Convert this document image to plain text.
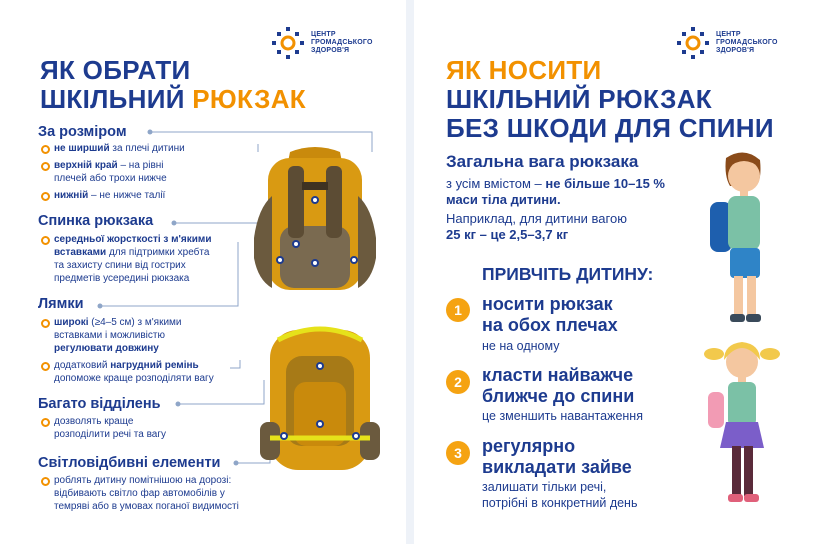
ЦЕНТР
ГРОМАДСЬКОГО
ЗДОРОВ'Я
ЯК ОБРАТИ
ШКІЛЬНИЙ РЮКЗАК
За розміром
не ширший за плечі дитини
верхній край – на рівні
плечей або трохи нижче
нижній – не нижче талії
Спинка рюкзака
середньої жорсткості з м'якими
вставками для підтримки хребта
та захисту спини від гострих
предметів усередині рюкзака
Лямки
широкі (≥4–5 см) з м'якими
вставками і можливістю
регулювати довжину
додатковий нагрудний ремінь
допоможе краще розподіляти вагу
Багато відділень
дозволять краще
розподілити речі та вагу
Світловідбивні елементи
роблять дитину помітнішою на дорозі:
відбивають світло фар автомобілів у
темряві або в умовах поганої видимості
ЦЕНТР
ГРОМАДСЬКОГО
ЗДОРОВ'Я
ЯК НОСИТИ
ШКІЛЬНИЙ РЮКЗАК
БЕЗ ШКОДИ ДЛЯ СПИНИ
Загальна вага рюкзака
з усім вмістом – не більше 10–15 %
маси тіла дитини.
Наприклад, для дитини вагою
25 кг – це 2,5–3,7 кг
ПРИВЧІТЬ ДИТИНУ:
1	носити рюкзак
на обох плечах
не на одному
2	класти найважче
ближче до спини
це зменшить навантаження
3	регулярно
викладати зайве
залишати тільки речі,
потрібні в конкретний день
